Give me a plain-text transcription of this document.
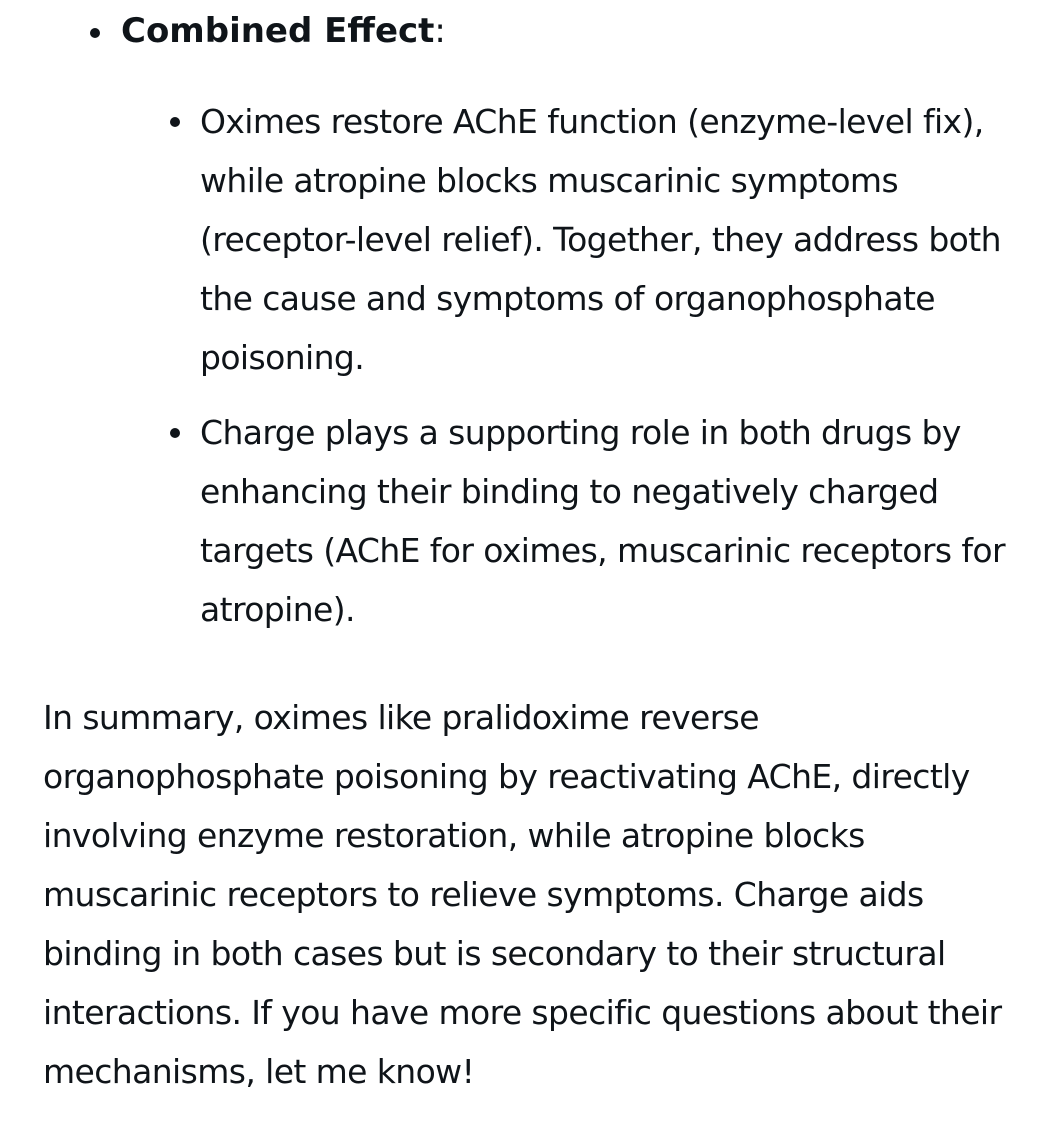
Combined Effect:
Oximes restore AChE function (enzyme-level fix), while atropine blocks muscarinic symptoms (receptor-level relief). Together, they address both the cause and symptoms of organophosphate poisoning.
Charge plays a supporting role in both drugs by enhancing their binding to negatively charged targets (AChE for oximes, muscarinic receptors for atropine).

In summary, oximes like pralidoxime reverse organophosphate poisoning by reactivating AChE, directly involving enzyme restoration, while atropine blocks muscarinic receptors to relieve symptoms. Charge aids binding in both cases but is secondary to their structural interactions. If you have more specific questions about their mechanisms, let me know!
